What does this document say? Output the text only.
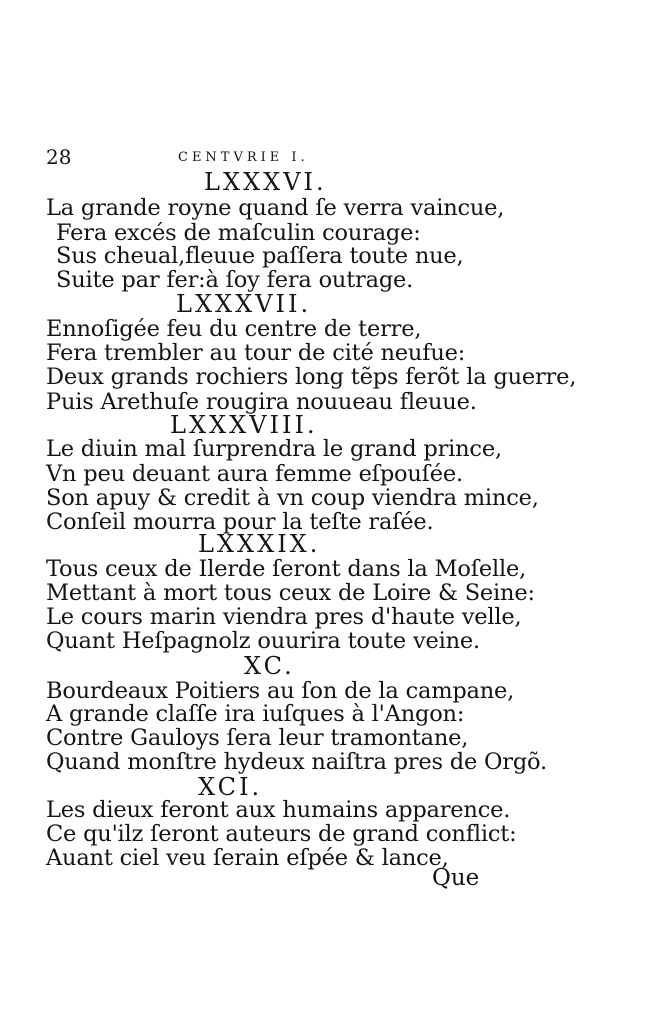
28	CENTVRIE I.
LXXXVI.
La grande royne quand ſe verra vaincue,
Fera excés de maſculin courage:
Sus cheual,fleuue paſſera toute nue,
Suite par fer:à ſoy fera outrage.
LXXXVII.
Ennoſigée feu du centre de terre,
Fera trembler au tour de cité neufue:
Deux grands rochiers long tẽps ferõt la guerre,
Puis Arethuſe rougira nouueau fleuue.
LXXXVIII.
Le diuin mal ſurprendra le grand prince,
Vn peu deuant aura femme eſpouſée.
Son apuy & credit à vn coup viendra mince,
Conſeil mourra pour la teſte raſée.
LXXXIX.
Tous ceux de Ilerde ſeront dans la Moſelle,
Mettant à mort tous ceux de Loire & Seine:
Le cours marin viendra pres d'haute velle,
Quant Heſpagnolz ouurira toute veine.
XC.
Bourdeaux Poitiers au ſon de la campane,
A grande claſſe ira iuſques à l'Angon:
Contre Gauloys ſera leur tramontane,
Quand monſtre hydeux naiſtra pres de Orgõ.
XCI.
Les dieux feront aux humains apparence.
Ce qu'ilz ſeront auteurs de grand conflict:
Auant ciel veu ſerain eſpée & lance,
Que
